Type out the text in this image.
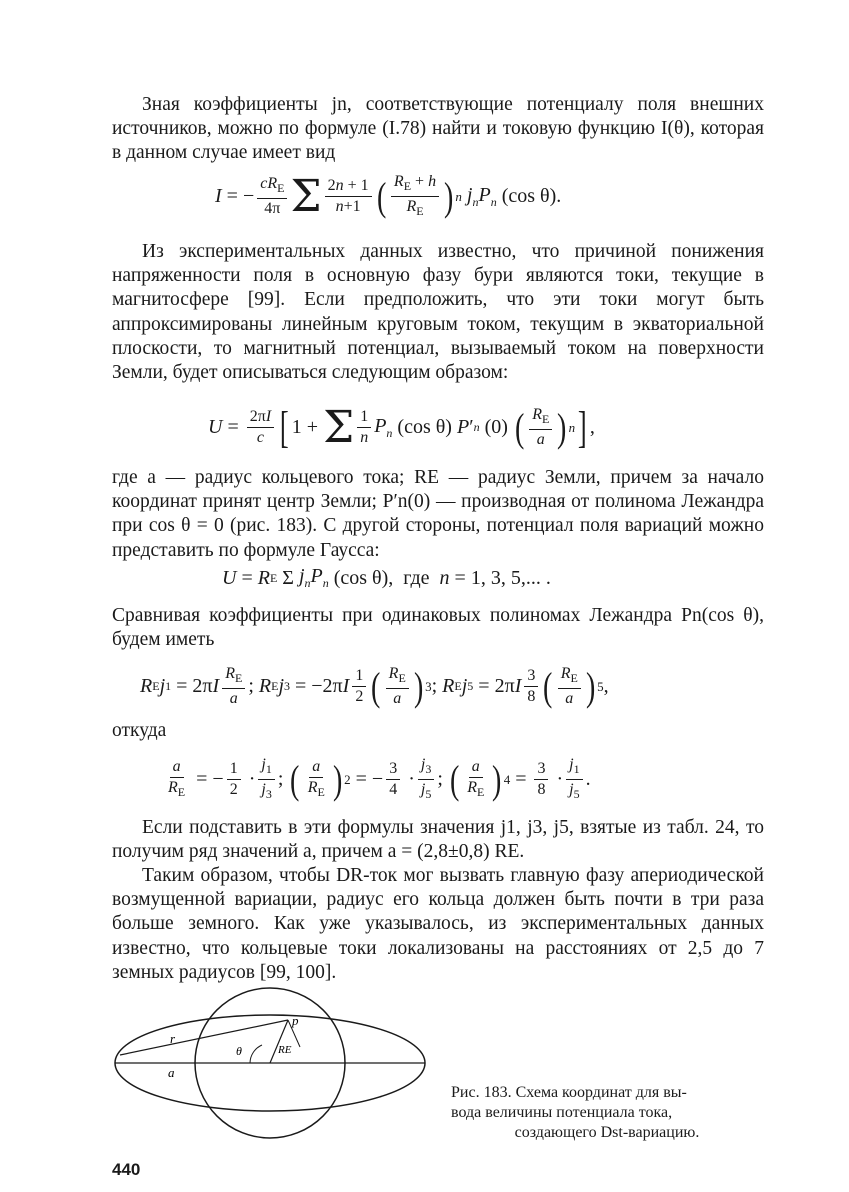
Зная коэффициенты jn, соответствующие потенциалу поля внешних источников, можно по формуле (I.78) найти и токовую функцию I(θ), которая в данном случае имеет вид
I = − $\frac{cR_E}{4\pi}$ Σ $\frac{2n + 1}{n+1}$ ( $\frac{R_E + h}{R_E}$ ) n
$j_nP_n$ (cos θ).
Из экспериментальных данных известно, что причиной понижения напряженности поля в основную фазу бури являются токи, текущие в магнитосфере [99]. Если предположить, что эти токи могут быть аппроксимированы линейным круговым током, текущим в экваториальной плоскости, то магнитный потенциал, вызываемый током на поверхности Земли, будет описываться следующим образом:
$U = \frac{2\pi I}{c}$ [ 1 + Σ $\frac{1}{n} P_n$ (cos θ) P ′ n (0) ( $\frac{R_E}{a}$ ) n ] ,
где a — радиус кольцевого тока; RE — радиус Земли, причем за начало координат принят центр Земли; P′n(0) — производная от полинома Лежандра при cos θ = 0 (рис. 183). С другой стороны, потенциал поля вариаций можно представить по формуле Гаусса:
U = R E Σ $j_nP_n$ (cos θ),  где n = 1, 3, 5,... .
Сравнивая коэффициенты при одинаковых полиномах Лежандра Pn(cos θ), будем иметь
R E j 1 = 2π I $\frac{R_E}{a}$ ; R E j 3 = −2π I $\frac{1}{2}$ ( $\frac{R_E}{a}$ ) 3 ; R E j 5 = 2π I $\frac{3}{8}$ ( $\frac{R_E}{a}$ ) 5 ,
откуда
$\frac{a}{R_E}$ = − $\frac{1}{2} \cdot \frac{j_1}{j_3}$ ; ( $\frac{a}{R_E}$ ) 2 = − $\frac{3}{4} \cdot \frac{j_3}{j_5}$ ; ( $\frac{a}{R_E}$ ) $4 = \frac{3}{8} \cdot \frac{j_1}{j_5}$ .
Если подставить в эти формулы значения j1, j3, j5, взятые из табл. 24, то получим ряд значений a, причем a = (2,8±0,8) RE.
Таким образом, чтобы DR-ток мог вызвать главную фазу апериодической возмущенной вариации, радиус его кольца должен быть почти в три раза больше земного. Как уже указывалось, из экспериментальных данных известно, что кольцевые токи локализованы на расстояниях от 2,5 до 7 земных радиусов [99, 100].
r
p
θ	RE
a
Рис. 183. Схема координат для вы-
вода величины потенциала тока,
создающего Dst-вариацию.
440
